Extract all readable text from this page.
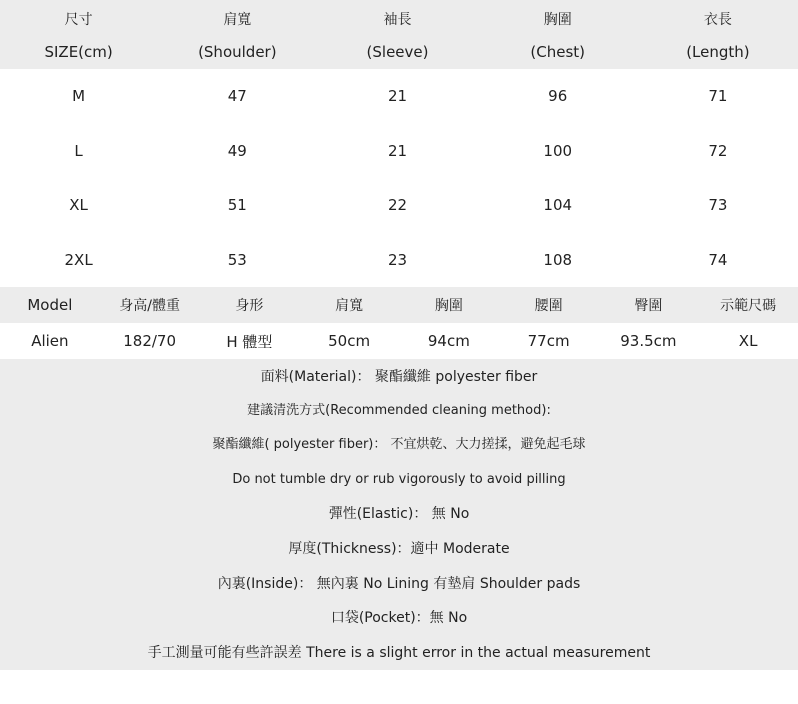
尺寸	肩寬	袖長	胸圍	衣長
SIZE(cm)	(Shoulder)	(Sleeve)	(Chest)	(Length)
M	47	21	96	71
L	49	21	100	72
XL	51	22	104	73
2XL	53	23	108	74
Model	身高/體重	身形	肩寬	胸圍	腰圍	臀圍	示範尺碼
Alien	182/70	H 體型	50cm	94cm	77cm	93.5cm	XL
面料(Material)： 聚酯纖維 polyester fiber
建議清洗方式(Recommended cleaning method):
聚酯纖維( polyester fiber)： 不宜烘乾、大力搓揉，避免起毛球
Do not tumble dry or rub vigorously to avoid pilling
彈性(Elastic)： 無 No
厚度(Thickness)：適中 Moderate
內裏(Inside)： 無內裏 No Lining 有墊肩 Shoulder pads
口袋(Pocket)：無 No
手工測量可能有些許誤差 There is a slight error in the actual measurement
